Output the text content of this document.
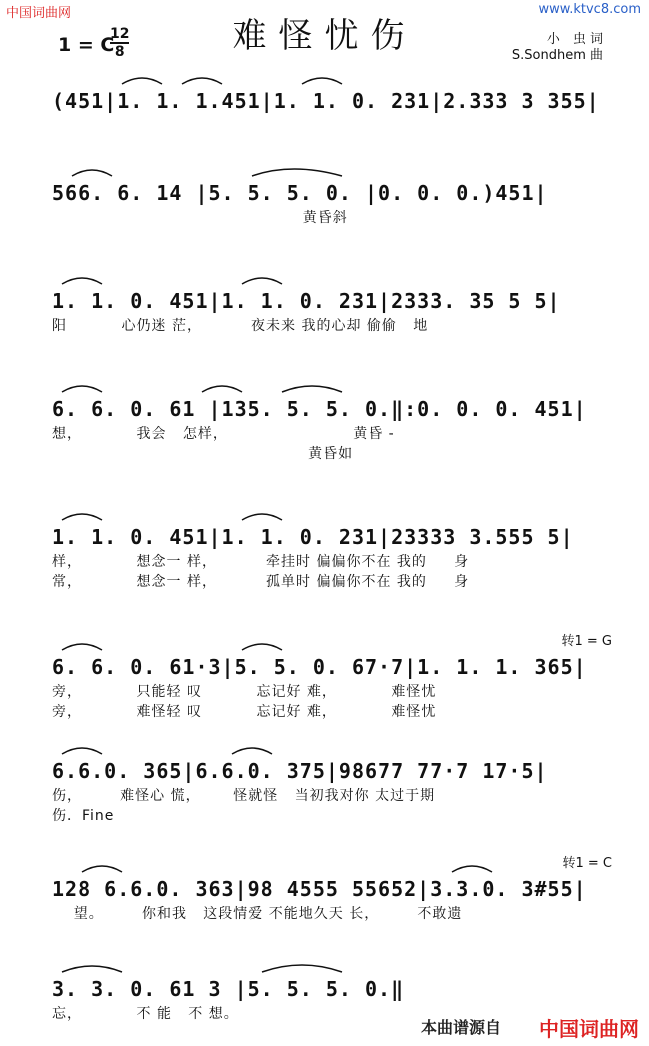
中国词曲网	www.ktvc8.com
难怪忧伤
1 = C
$\frac{12}{8}$	小　虫 词
S.Sondhem 曲
(451|1. 1. 1.451|1. 1. 0. 231|2.333 3 355|
566. 6. 14 |5. 5. 5. 0. |0. 0. 0.)451|
黄昏斜
1. 1. 0. 451|1. 1. 0. 231|2333. 35 5 5|
阳          心仍迷 茫，         夜未来 我的心却 偷偷   地
6. 6. 0. 61 |135. 5. 5. 0.‖:0. 0. 0. 451|
想，          我会   怎样，                       黄昏 -
黄昏如
1. 1. 0. 451|1. 1. 0. 231|23333 3.555 5|
样，          想念一 样，         牵挂时 偏偏你不在 我的     身
常，          想念一 样，         孤单时 偏偏你不在 我的     身
转1 = G
6. 6. 0. 61·3|5. 5. 0. 67·7|1. 1. 1. 365|
旁，          只能轻 叹          忘记好 难，          难怪忧
旁，          难怪轻 叹          忘记好 难，          难怪忧
6.6.0. 365|6.6.0. 375|98677 77·7 17·5|
伤，       难怪心 慌，      怪就怪   当初我对你 太过于期
伤．Fine
转1 = C
128 6.6.0. 363|98 4555 55652|3.3.0. 3#55|
望。       你和我   这段情爱 不能地久天 长，       不敢遗
3. 3. 0. 61 3 |5. 5. 5. 0.‖
忘，          不 能   不 想。
本曲谱源自 中国词曲网
